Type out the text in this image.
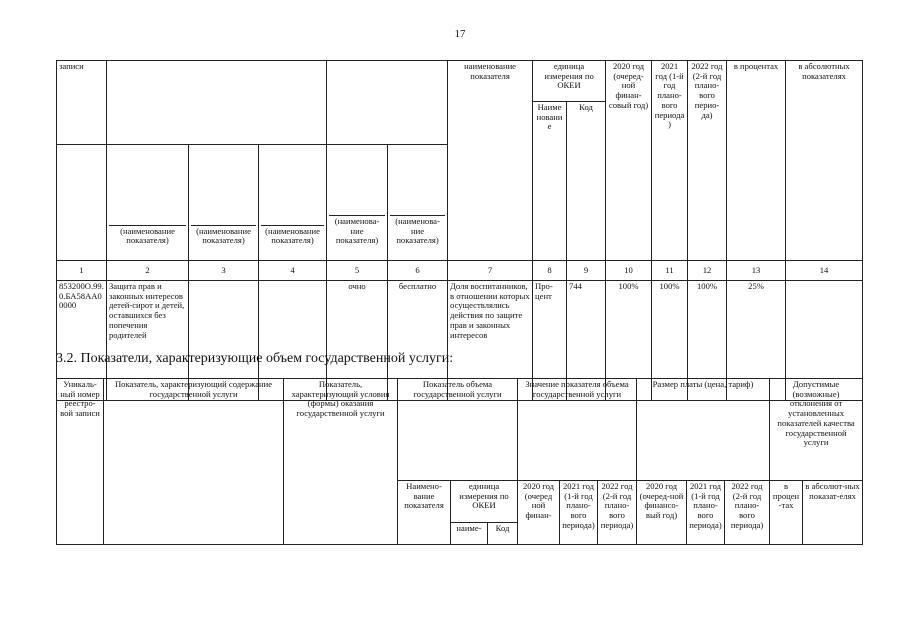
17
записи						наименование показателя	единица измерения по ОКЕИ		2020 год (очеред-ной финан-совый год)	2021 год (1-й год плано-вого периода)	2022 год (2-й год плано-вого перио-да)	в процентах	в абсолютных показателях
							Наиме новани е	Код					
	(наименование показателя)	(наименование показателя)	(наименование показателя)	(наименова-ние показателя)	(наименова-ние показателя)								
1	2	3	4	5	6	7	8	9	10	11	12	13	14
853200О.99.0.БА58АА00000	Защита прав и законных интересов детей-сирот и детей, оставшихся без попечения родителей			очно	бесплатно	Доля воспитанников, в отношении которых осуществлялись действия по защите прав и законных интересов	Про-цент	744	100%	100%	100%	25%	
3.2. Показатели, характеризующие объем государственной услуги:
Уникаль-ный номер реестро-вой записи	Показатель, характеризующий содержание государственной услуги	Показатель, характеризующий условия (формы) оказания государственной услуги	Показатель объема государственной услуги			Значение показателя объема государственной услуги			Размер платы (цена, тариф)			Допустимые (возможные) отклонения от установленных показателей качества государственной услуги	
			Наимено-вание показателя	единица измерения по ОКЕИ		2020 год (очеред ной финан-	2021 год (1-й год плано-вого периода)	2022 год (2-й год плано-вого периода)	2020 год (очеред-ной финансо-вый год)	2021 год (1-й год плано-вого периода)	2022 год (2-й год плано-вого периода)	в процен-тах	в абсолют-ных показат-елях
				наиме-	Код								
